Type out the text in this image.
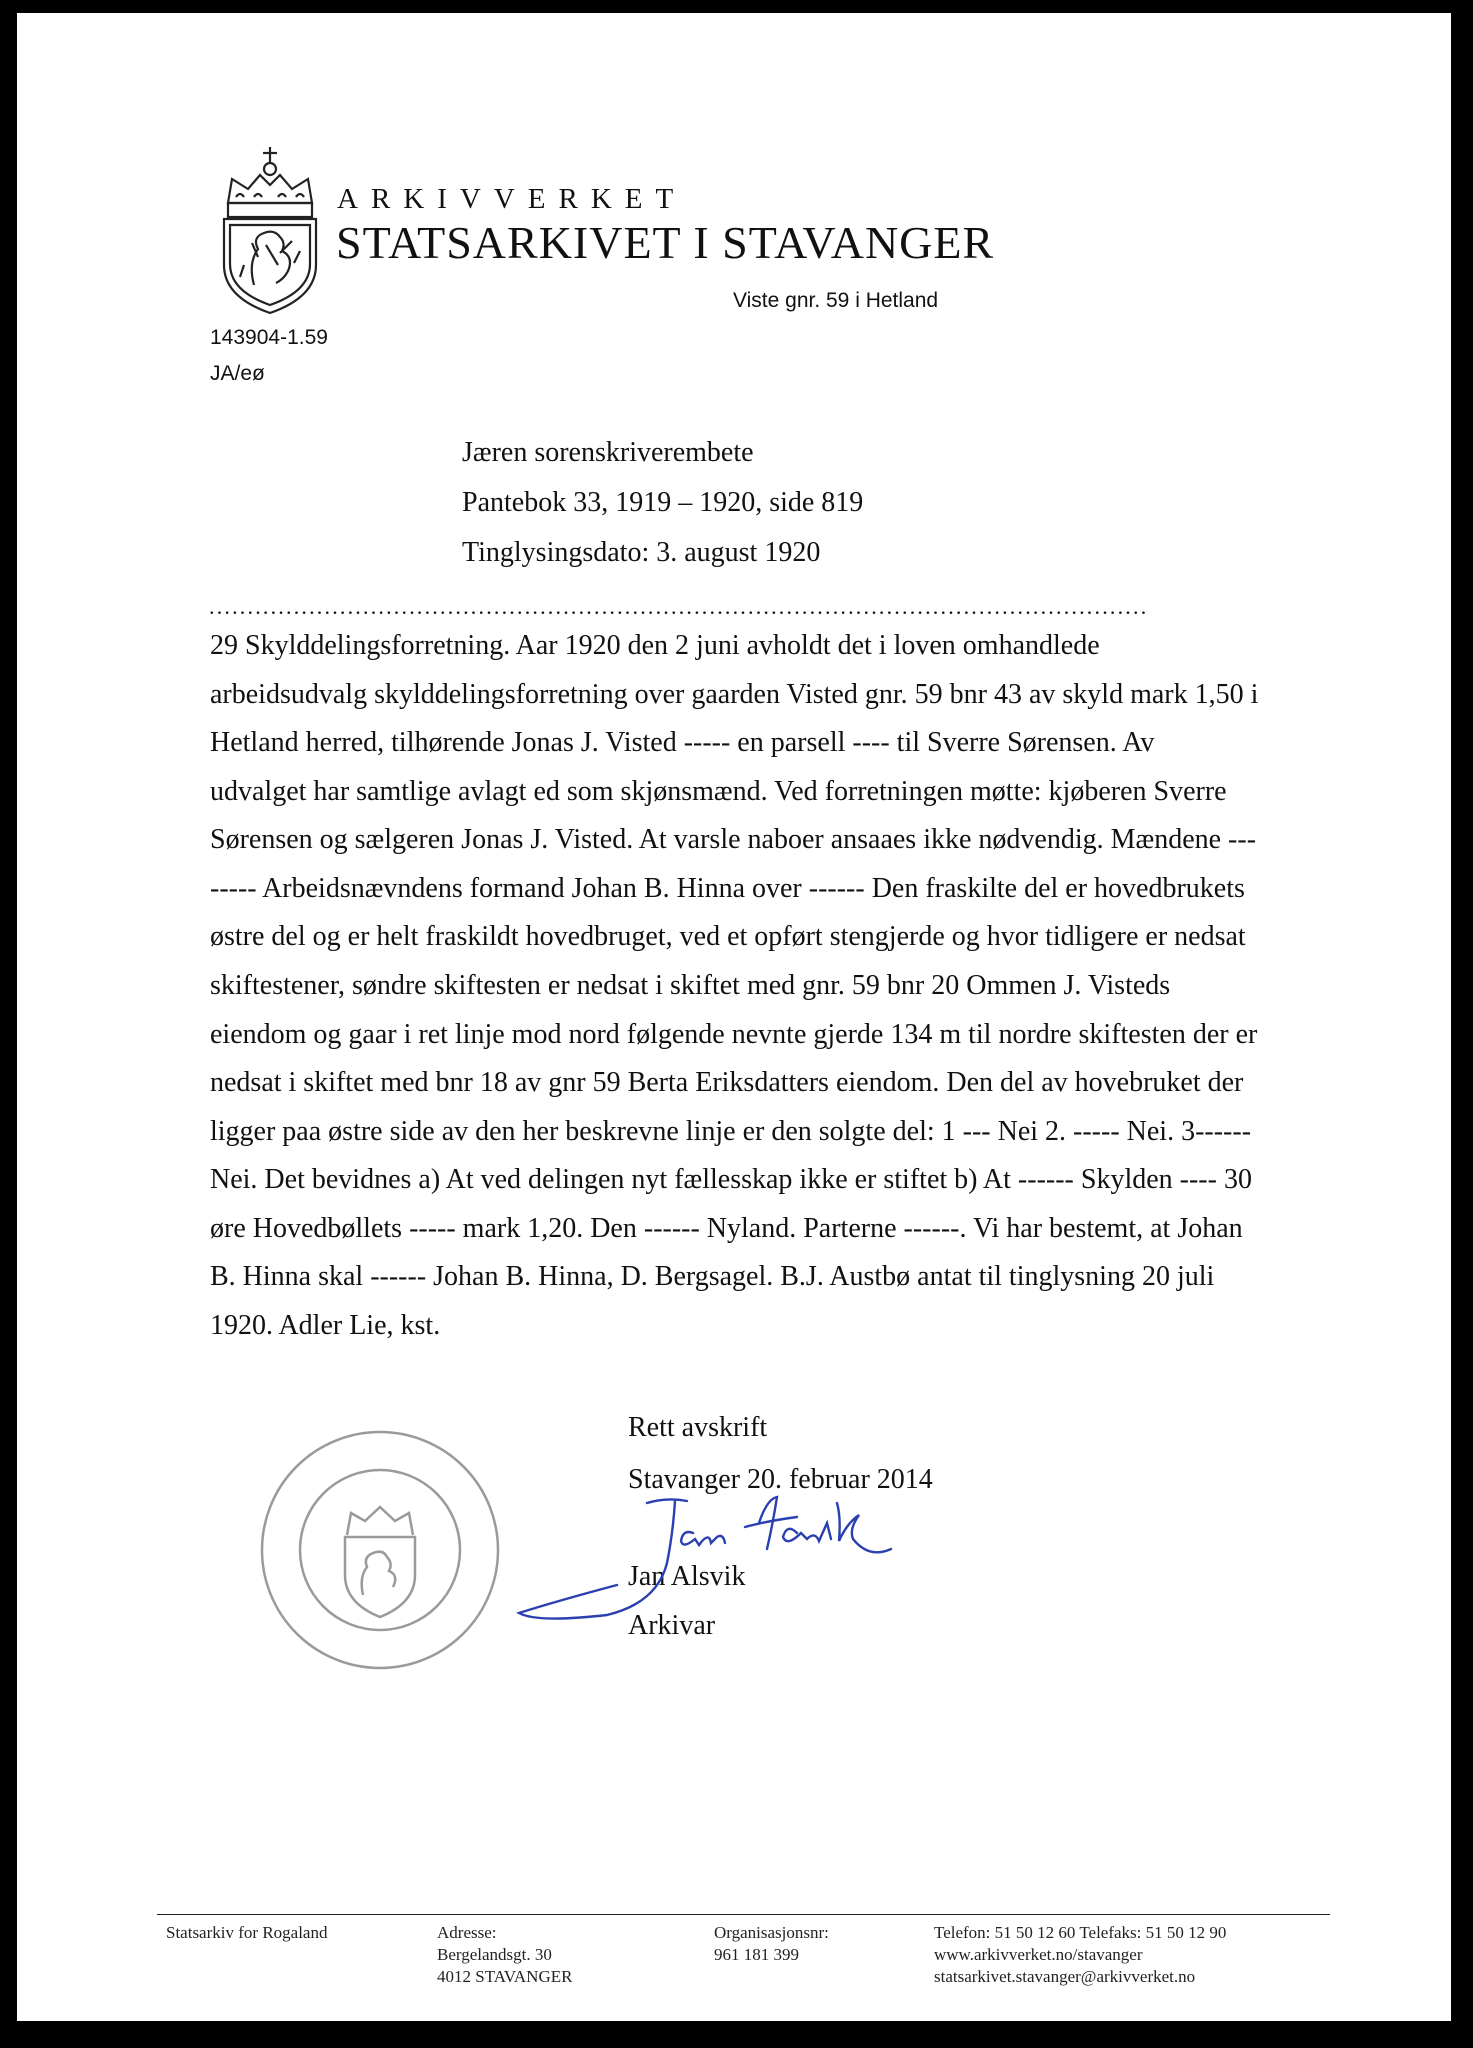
ARKIVVERKET
STATSARKIVET I STAVANGER
Viste gnr. 59 i Hetland
143904-1.59
JA/eø
Jæren sorenskriverembete
Pantebok 33, 1919 – 1920, side 819
Tinglysingsdato: 3. august 1920
..........................................................................................................................
29 Skylddelingsforretning. Aar 1920 den 2 juni avholdt det i loven omhandlede
arbeidsudvalg skylddelingsforretning over gaarden Visted gnr. 59 bnr 43 av skyld mark 1,50 i
Hetland herred, tilhørende Jonas J. Visted ----- en parsell ---- til Sverre Sørensen. Av
udvalget har samtlige avlagt ed som skjønsmænd. Ved forretningen møtte: kjøberen Sverre
Sørensen og sælgeren Jonas J. Visted. At varsle naboer ansaaes ikke nødvendig. Mændene ---
----- Arbeidsnævndens formand Johan B. Hinna over ------ Den fraskilte del er hovedbrukets
østre del og er helt fraskildt hovedbruget, ved et opført stengjerde og hvor tidligere er nedsat
skiftestener, søndre skiftesten er nedsat i skiftet med gnr. 59 bnr 20 Ommen J. Visteds
eiendom og gaar i ret linje mod nord følgende nevnte gjerde 134 m til nordre skiftesten der er
nedsat i skiftet med bnr 18 av gnr 59 Berta Eriksdatters eiendom. Den del av hovebruket der
ligger paa østre side av den her beskrevne linje er den solgte del: 1 --- Nei 2. ----- Nei. 3------
Nei. Det bevidnes a) At ved delingen nyt fællesskap ikke er stiftet b) At ------ Skylden ---- 30
øre Hovedbøllets ----- mark 1,20. Den ------ Nyland. Parterne ------. Vi har bestemt, at Johan
B. Hinna skal ------ Johan B. Hinna, D. Bergsagel. B.J. Austbø antat til tinglysning 20 juli
1920. Adler Lie, kst.
Rett avskrift
Stavanger 20. februar 2014
Jan Alsvik
Arkivar
Statsarkiv for Rogaland	Adresse:
Bergelandsgt. 30
4012 STAVANGER
Organisasjonsnr:
961 181 399
Telefon: 51 50 12 60 Telefaks: 51 50 12 90
www.arkivverket.no/stavanger
statsarkivet.stavanger@arkivverket.no
